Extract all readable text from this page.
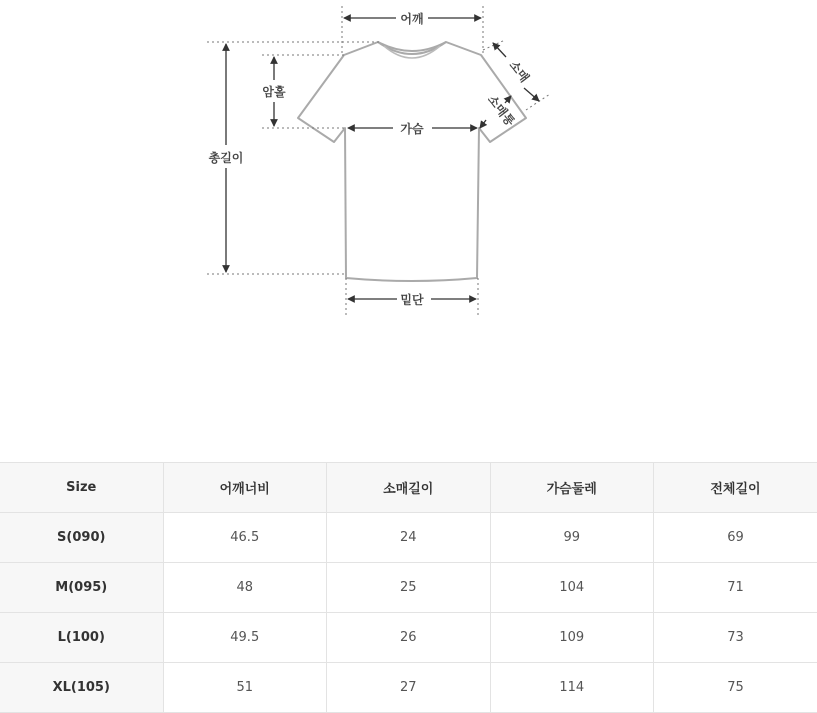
어깨
암홀
총길이
가슴
밑단
소매
소매통
Size	어깨너비	소매길이	가슴둘레	전체길이
S(090)	46.5	24	99	69
M(095)	48	25	104	71
L(100)	49.5	26	109	73
XL(105)	51	27	114	75
